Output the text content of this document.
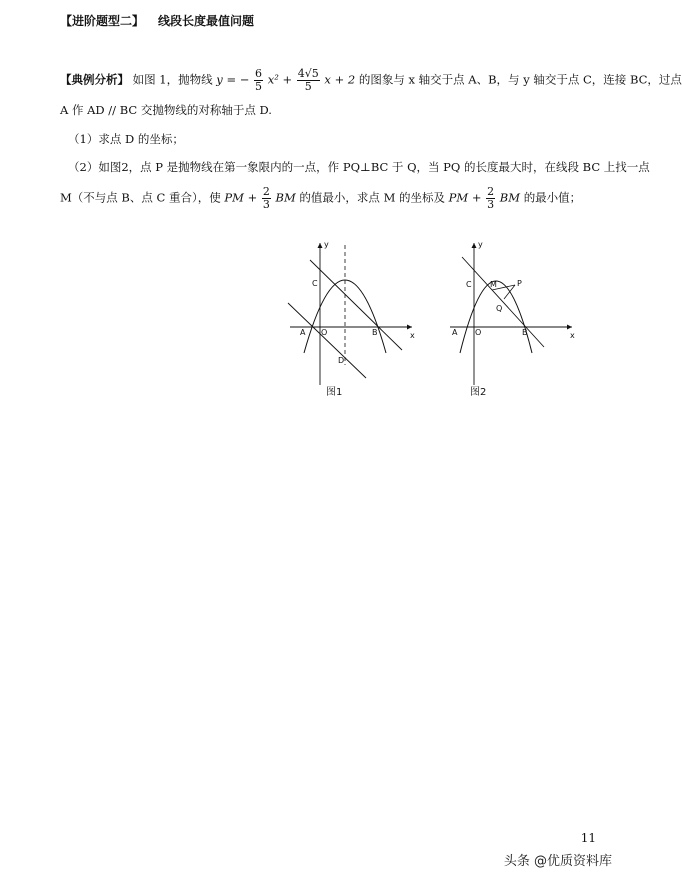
【进阶题型二】 线段长度最值问题
【典例分析】 如图 1，抛物线 y = − $\frac{6}{5} x^2 + \frac{4√5}{5}$ x + 2 的图象与 x 轴交于点 A、B，与 y 轴交于点 C，连接 BC，过点
A 作 AD // BC 交抛物线的对称轴于点 D.
（1）求点 D 的坐标；
（2）如图2，点 P 是抛物线在第一象限内的一点，作 PQ⊥BC 于 Q，当 PQ 的长度最大时，在线段 BC 上找一点
M（不与点 B、点 C 重合），使 PM + $\frac{2}{3}$ BM 的值最小，求点 M 的坐标及 PM + $\frac{2}{3}$ BM 的最小值；
y
x
C
A O	B
D
图1
y
x
C
A O	B
M	P
Q
图2
11
头条 @优质资料库
